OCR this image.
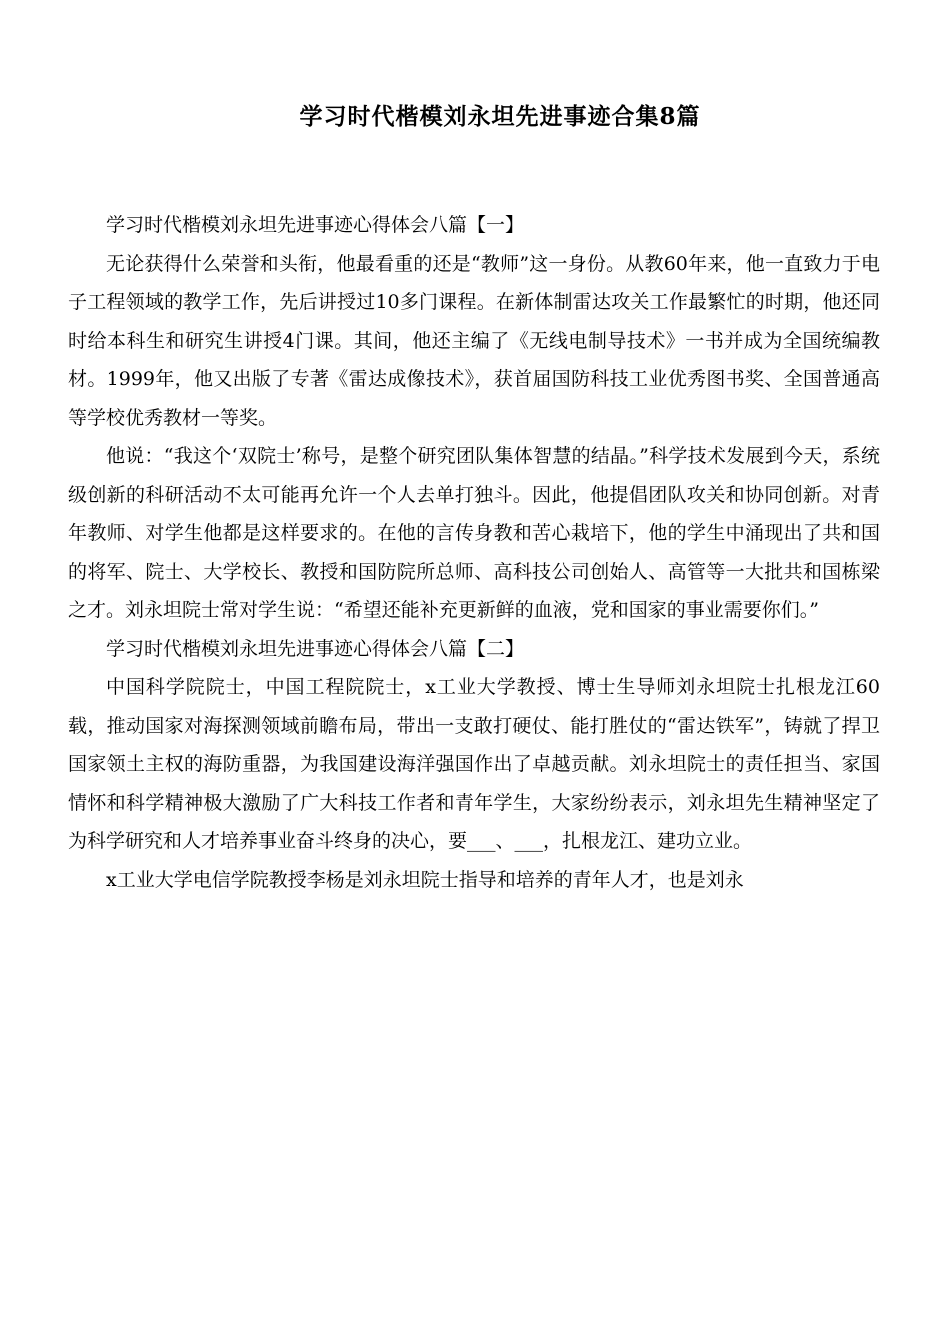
学习时代楷模刘永坦先进事迹合集8篇

学习时代楷模刘永坦先进事迹心得体会八篇【一】

无论获得什么荣誉和头衔，他最看重的还是“教师”这一身份。从教60年来，他一直致力于电子工程领域的教学工作，先后讲授过10多门课程。在新体制雷达攻关工作最繁忙的时期，他还同时给本科生和研究生讲授4门课。其间，他还主编了《无线电制导技术》一书并成为全国统编教材。1999年，他又出版了专著《雷达成像技术》，获首届国防科技工业优秀图书奖、全国普通高等学校优秀教材一等奖。

他说：“我这个‘双院士’称号，是整个研究团队集体智慧的结晶。”科学技术发展到今天，系统级创新的科研活动不太可能再允许一个人去单打独斗。因此，他提倡团队攻关和协同创新。对青年教师、对学生他都是这样要求的。在他的言传身教和苦心栽培下，他的学生中涌现出了共和国的将军、院士、大学校长、教授和国防院所总师、高科技公司创始人、高管等一大批共和国栋梁之才。刘永坦院士常对学生说：“希望还能补充更新鲜的血液，党和国家的事业需要你们。”

学习时代楷模刘永坦先进事迹心得体会八篇【二】

中国科学院院士，中国工程院院士，x工业大学教授、博士生导师刘永坦院士扎根龙江60载，推动国家对海探测领域前瞻布局，带出一支敢打硬仗、能打胜仗的“雷达铁军”，铸就了捍卫国家领土主权的海防重器，为我国建设海洋强国作出了卓越贡献。刘永坦院士的责任担当、家国情怀和科学精神极大激励了广大科技工作者和青年学生，大家纷纷表示，刘永坦先生精神坚定了为科学研究和人才培养事业奋斗终身的决心，要___、___，扎根龙江、建功立业。

x工业大学电信学院教授李杨是刘永坦院士指导和培养的青年人才，也是刘永
